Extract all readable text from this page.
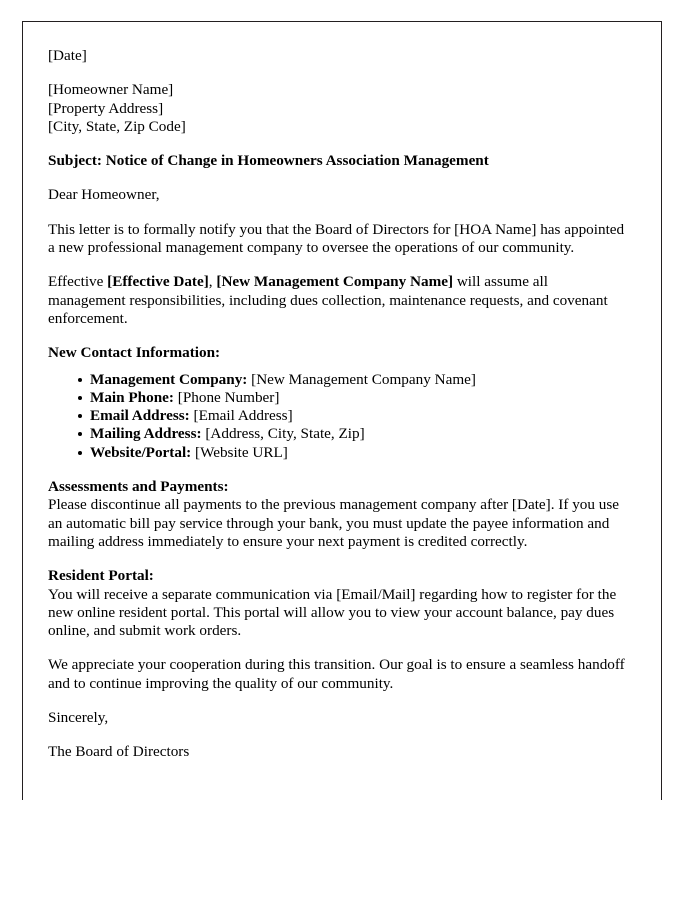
[Date]
[Homeowner Name]
[Property Address]
[City, State, Zip Code]
Subject: Notice of Change in Homeowners Association Management
Dear Homeowner,
This letter is to formally notify you that the Board of Directors for [HOA Name] has appointed a new professional management company to oversee the operations of our community.
Effective [Effective Date], [New Management Company Name] will assume all management responsibilities, including dues collection, maintenance requests, and covenant enforcement.
New Contact Information:
Management Company: [New Management Company Name]
Main Phone: [Phone Number]
Email Address: [Email Address]
Mailing Address: [Address, City, State, Zip]
Website/Portal: [Website URL]
Assessments and Payments:
Please discontinue all payments to the previous management company after [Date]. If you use an automatic bill pay service through your bank, you must update the payee information and mailing address immediately to ensure your next payment is credited correctly.
Resident Portal:
You will receive a separate communication via [Email/Mail] regarding how to register for the new online resident portal. This portal will allow you to view your account balance, pay dues online, and submit work orders.
We appreciate your cooperation during this transition. Our goal is to ensure a seamless handoff and to continue improving the quality of our community.
Sincerely,
The Board of Directors
